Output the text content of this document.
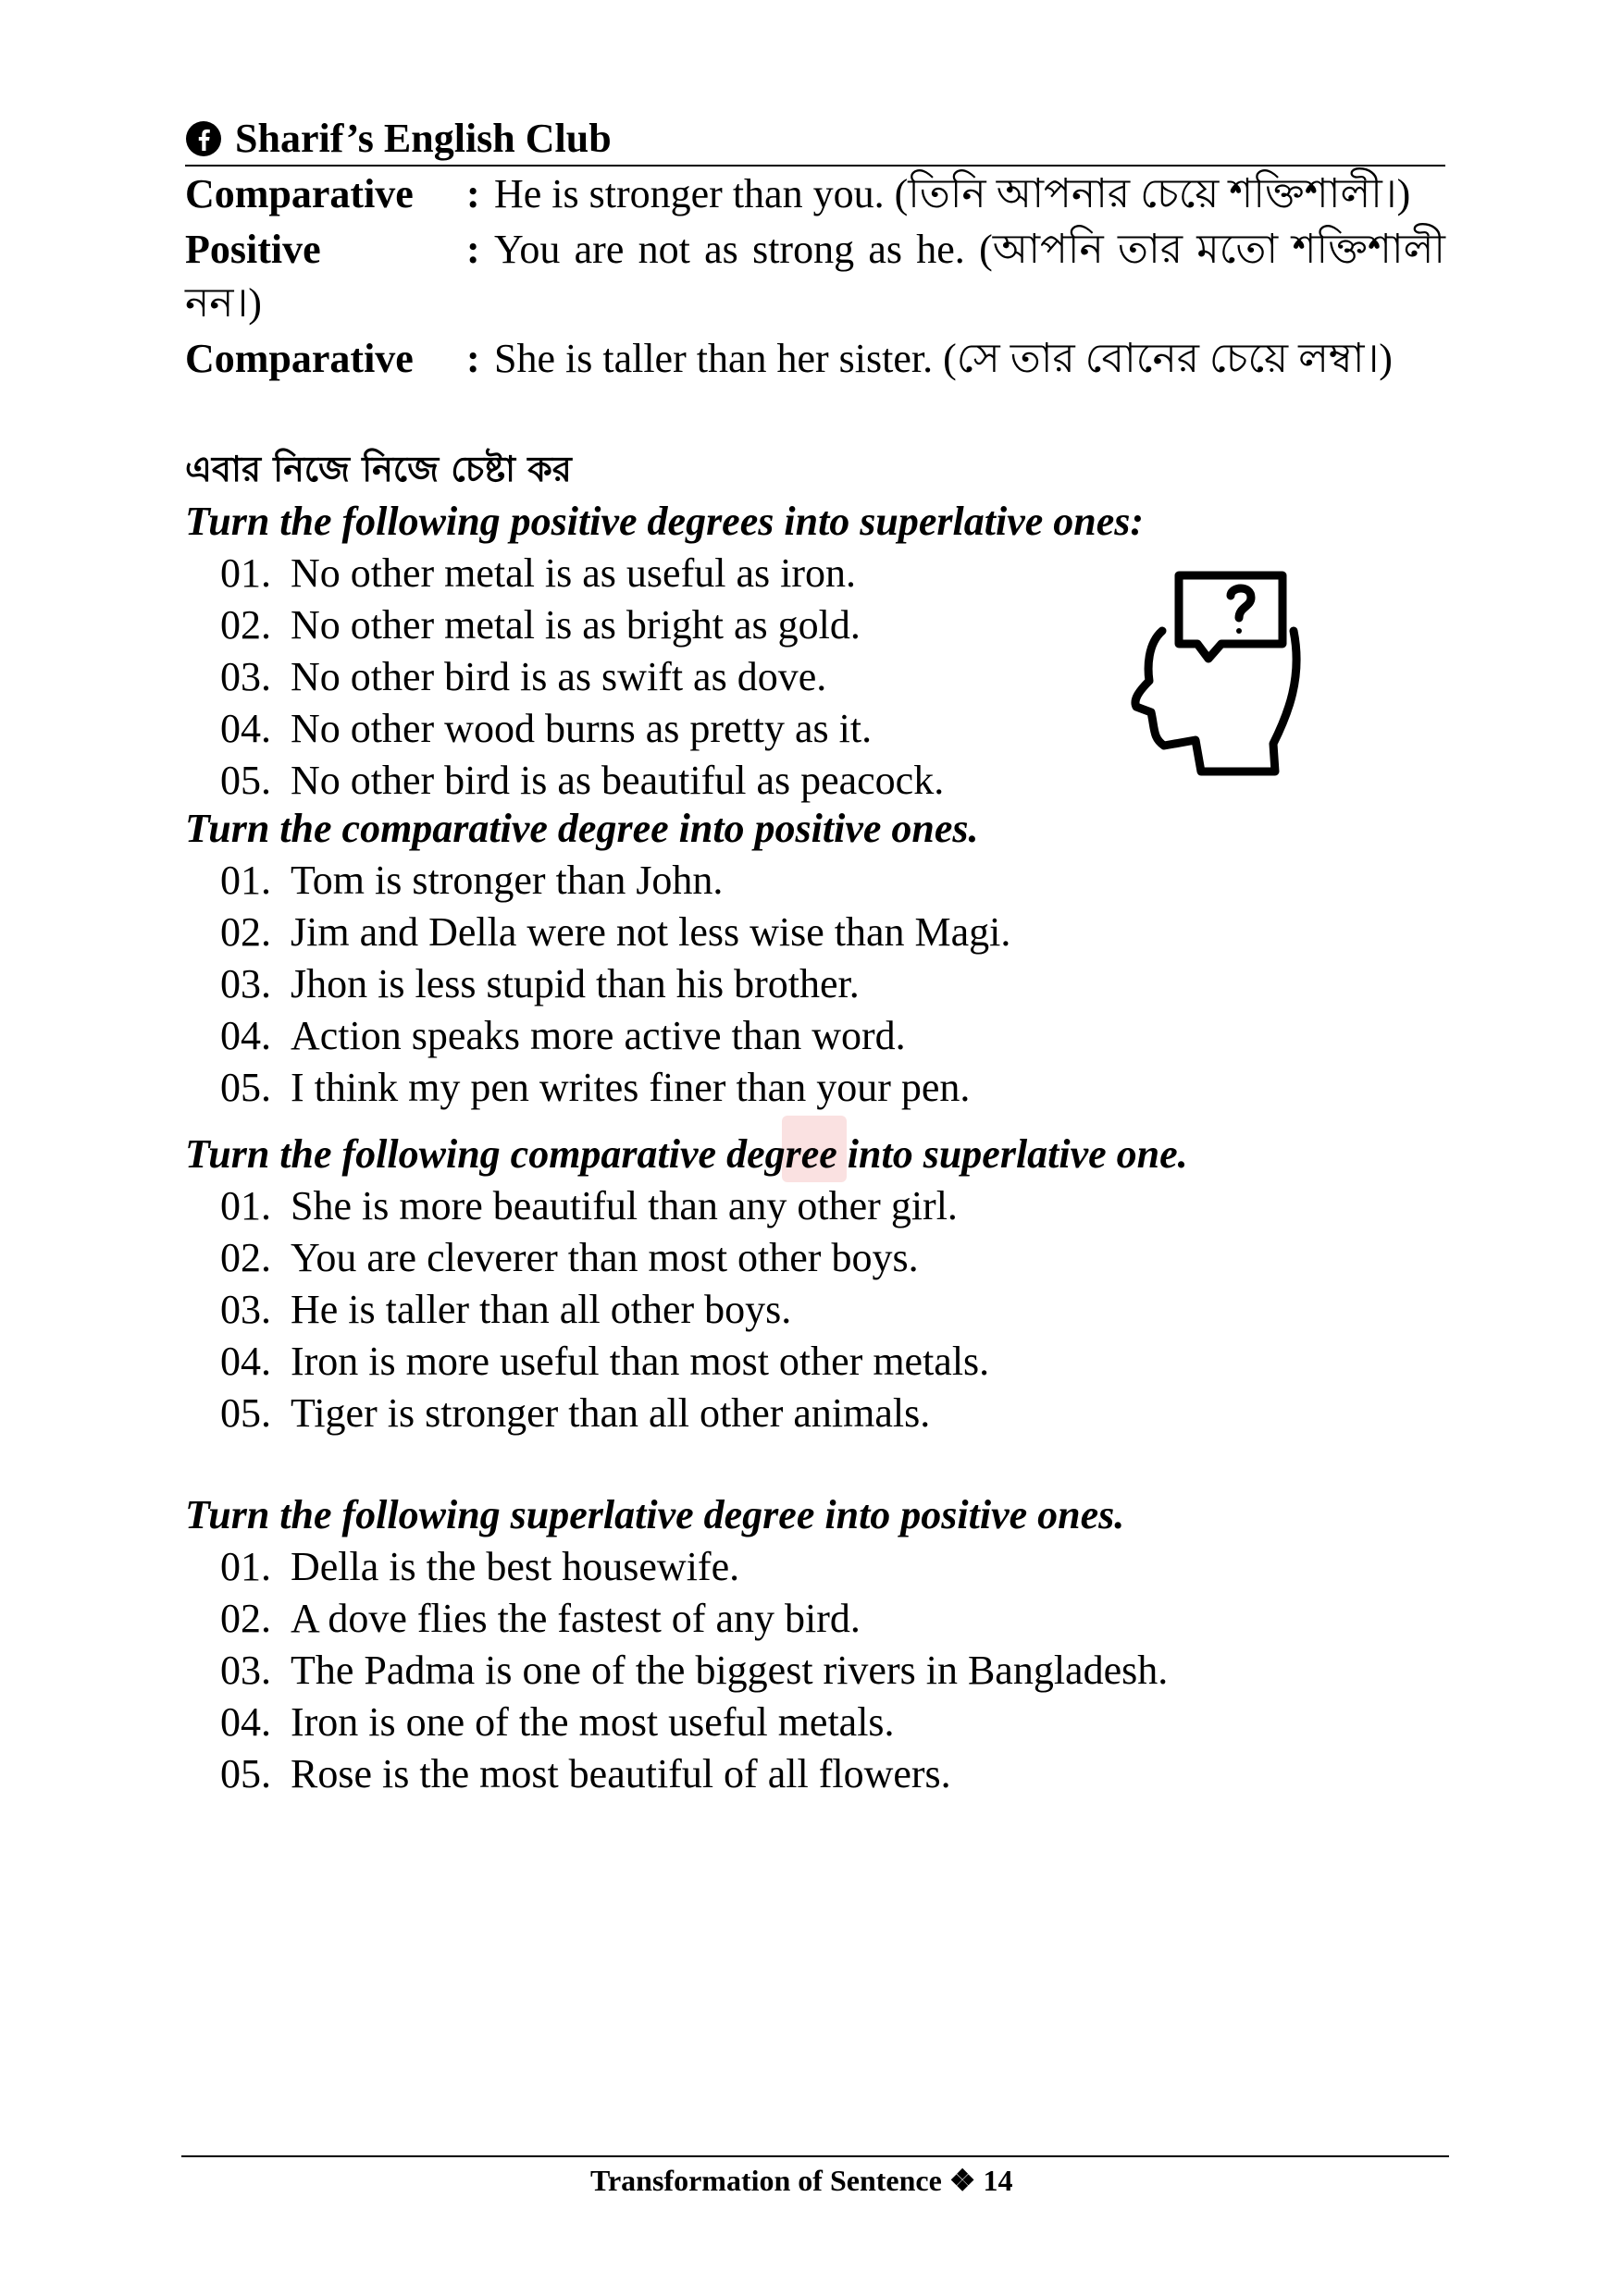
Sharif’s English Club
Comparative : He is stronger than you. (তিনি আপনার চেয়ে শক্তিশালী।)
Positive	: You are not as strong as he. (আপনি তার মতো শক্তিশালী
নন।)
Comparative : She is taller than her sister. (সে তার বোনের চেয়ে লম্বা।)
এবার নিজে নিজে চেষ্টা কর
Turn the following positive degrees into superlative ones:
01. No other metal is as useful as iron.
02. No other metal is as bright as gold.
03. No other bird is as swift as dove.
04. No other wood burns as pretty as it.
05. No other bird is as beautiful as peacock.
Turn the comparative degree into positive ones.
01. Tom is stronger than John.
02. Jim and Della were not less wise than Magi.
03. Jhon is less stupid than his brother.
04. Action speaks more active than word.
05. I think my pen writes finer than your pen.
Turn the following comparative degree into superlative one.
01. She is more beautiful than any other girl.
02. You are cleverer than most other boys.
03. He is taller than all other boys.
04. Iron is more useful than most other metals.
05. Tiger is stronger than all other animals.
Turn the following superlative degree into positive ones.
01. Della is the best housewife.
02. A dove flies the fastest of any bird.
03. The Padma is one of the biggest rivers in Bangladesh.
04. Iron is one of the most useful metals.
05. Rose is the most beautiful of all flowers.
Transformation of Sentence ❖ 14
